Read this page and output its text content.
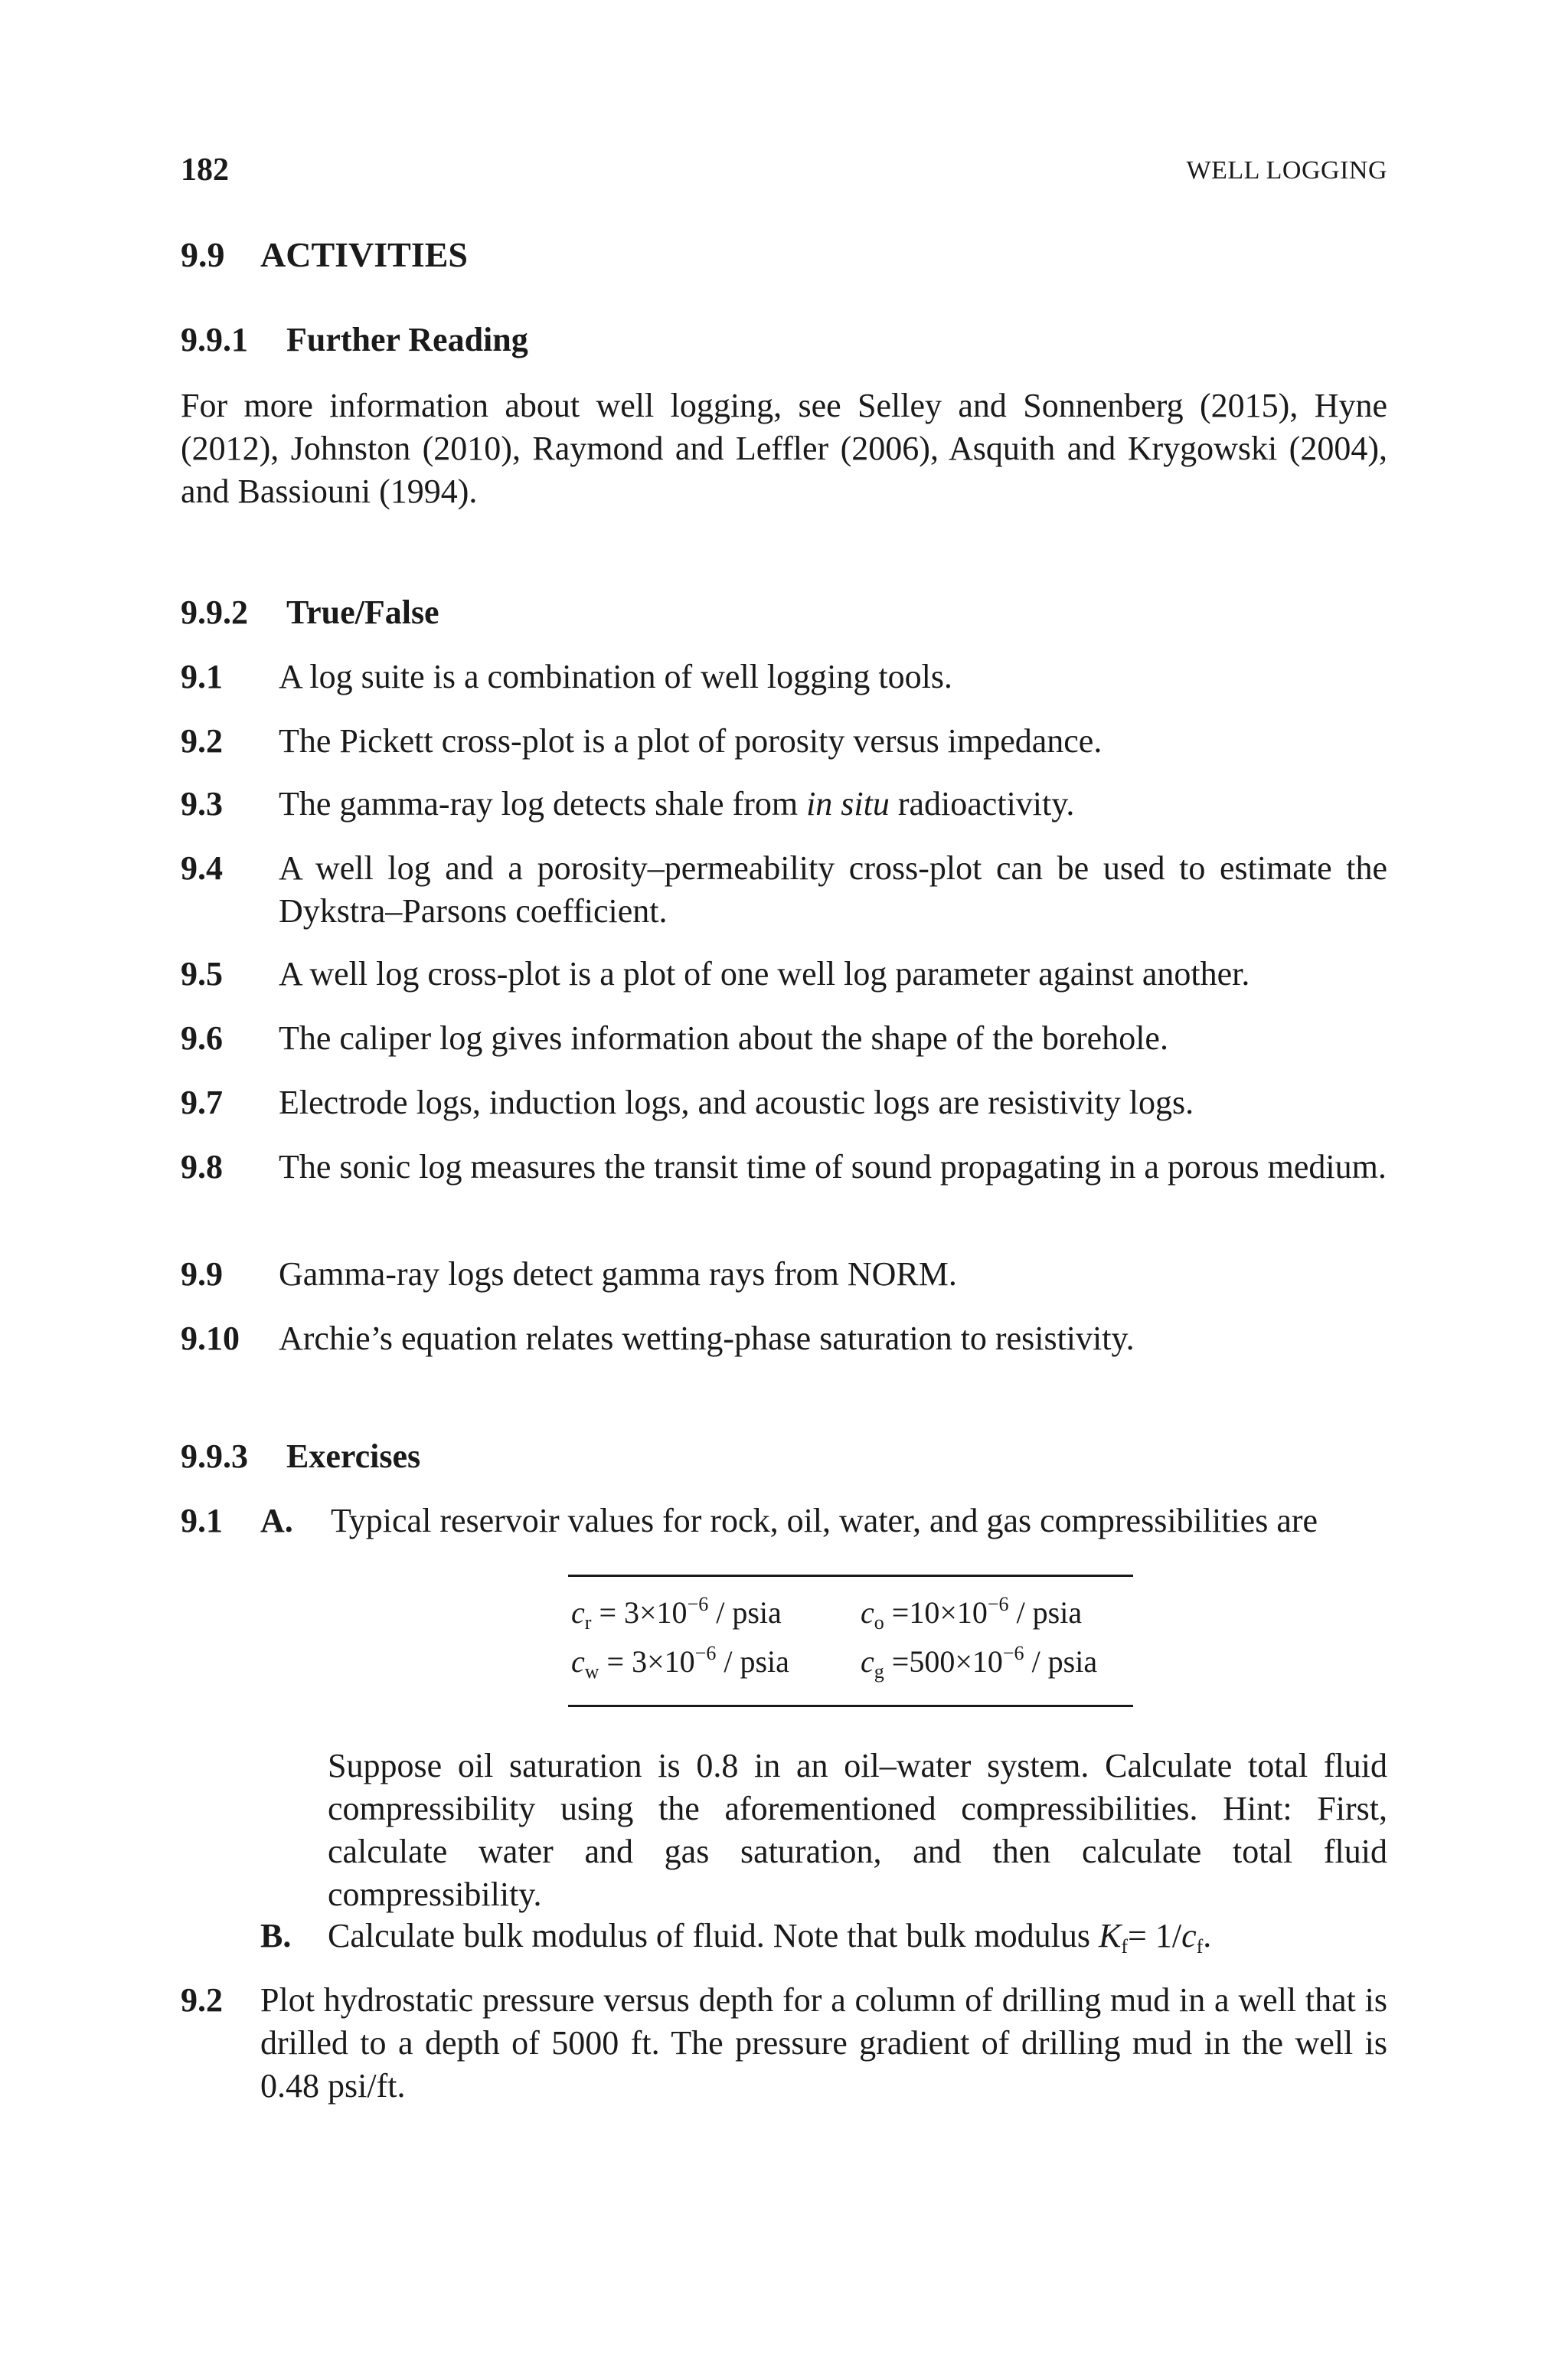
182	WELL LOGGING
9.9 ACTIVITIES
9.9.1 Further Reading
For more information about well logging, see Selley and Sonnenberg (2015), Hyne (2012), Johnston (2010), Raymond and Leffler (2006), Asquith and Krygowski (2004), and Bassiouni (1994).
9.9.2 True/False
9.1	A log suite is a combination of well logging tools.
9.2	The Pickett cross-plot is a plot of porosity versus impedance.
9.3	The gamma-ray log detects shale from in situ radioactivity.
9.4	A well log and a porosity–permeability cross-plot can be used to estimate the Dykstra–Parsons coefficient.
9.5	A well log cross-plot is a plot of one well log parameter against another.
9.6	The caliper log gives information about the shape of the borehole.
9.7	Electrode logs, induction logs, and acoustic logs are resistivity logs.
9.8	The sonic log measures the transit time of sound propagating in a porous medium.
9.9	Gamma-ray logs detect gamma rays from NORM.
9.10	Archie’s equation relates wetting-phase saturation to resistivity.
9.9.3 Exercises
9.1	A.	Typical reservoir values for rock, oil, water, and gas compressibilities are
$c_r = 3\times 10^{-6}$ / psia	$c_o =10\times 10^{-6}$ / psia
$c_w = 3\times 10^{-6}$ / psia $c_g =500\times 10^{-6}$ / psia
Suppose oil saturation is 0.8 in an oil–water system. Calculate total fluid compressibility using the aforementioned compressibilities. Hint: First, calculate water and gas saturation, and then calculate total fluid compressibility.
B.	Calculate bulk modulus of fluid. Note that bulk modulus $K_f= 1/c_f$.
9.2	Plot hydrostatic pressure versus depth for a column of drilling mud in a well that is drilled to a depth of 5000 ft. The pressure gradient of drilling mud in the well is 0.48 psi/ft.
